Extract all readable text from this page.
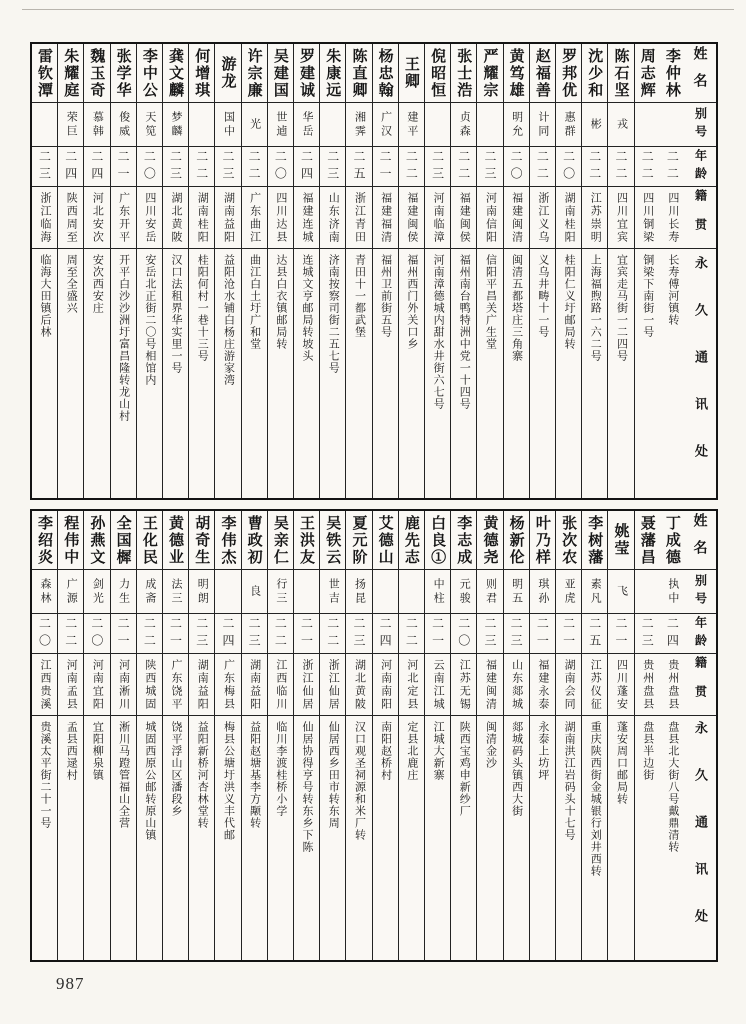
姓名
别号
年龄
籍贯
永久通讯处
李仲林
二二
四川长寿
长寿傅河镇转
周志辉
二二
四川铜梁
铜梁下南街一号
陈石坚
戎
二二
四川宜宾
宜宾走马街一二四号
沈少和
彬
二二
江苏崇明
上海福煦路一六二号
罗邦优
惠群
二〇
湖南桂阳
桂阳仁义圩邮局转
赵福善
计同
二二
浙江义乌
义乌井畴十一号
黄笃雄
明允
二〇
福建闽清
闽清五都塔庄三角寨
严耀宗
二三
河南信阳
信阳平昌关广生堂
张士浩
贞森
二二
福建闽侯
福州南台鸭特洲中党一十四号
倪昭恒
二三
河南临漳
河南漳德城内甜水井街六七号
王卿
建平
二二
福建闽侯
福州西门外关口乡
杨忠翰
广汉
二一
福建福清
福州卫前街五号
陈直卿
湘霁
二五
浙江青田
青田十一都武堡
朱康远
二三
山东济南
济南按察司街二五七号
罗建诚
华岳
二四
福建连城
连城文亨邮局转坡头
吴建国
世逌
二〇
四川达县
达县白衣镇邮局转
许宗廉
光
二二
广东曲江
曲江白土圩广和堂
游龙
国中
二三
湖南益阳
益阳沧水铺白杨庄游家湾
何增琪
二二
湖南桂阳
桂阳何村一巷十三号
龚文麟
梦麟
二三
湖北黄陂
汉口法租界华实里一号
李中公
天笕
二〇
四川安岳
安岳北正街二〇号相馆内
张学华
俊威
二一
广东开平
开平白沙沙洲圩富昌隆转龙山村
魏玉奇
慕韩
二四
河北安次
安次西安庄
朱耀庭
荣巨
二四
陕西周至
周至全盛兴
雷钦潭
二三
浙江临海
临海大田镇后林
姓名
别号
年龄
籍贯
永久通讯处
丁成德
执中
二四
贵州盘县
盘县北大街八号戴鼎清转
聂藩昌
二三
贵州盘县
盘县半边街
姚莹
飞
二一
四川蓬安
蓬安周口邮局转
李树藩
素凡
二五
江苏仪征
重庆陕西街金城银行刘井西转
张次农
亚虎
二一
湖南会同
湖南洪江岩码头十七号
叶乃样
琪孙
二一
福建永泰
永泰上坊坪
杨新伦
明五
二三
山东郯城
郯城码头镇西大街
黄德尧
则君
二三
福建闽清
闽清金沙
李志成
元骏
二〇
江苏无锡
陕西宝鸡申新纱厂
白良①
中柱
二一
云南江城
江城大新寨
鹿先志
二二
河北定县
定县北鹿庄
艾德山
二四
河南南阳
南阳赵桥村
夏元阶
扬昆
二三
湖北黄陂
汉口观圣祠源和米厂转
吴铁云
世吉
二二
浙江仙居
仙居西乡田市转东周
王洪友
二一
浙江仙居
仙居协得亨号转东乡下陈
吴亲仁
行三
二二
江西临川
临川李渡桂桥小学
曹政初
良
二三
湖南益阳
益阳赵塘基李方颙转
李伟杰
二四
广东梅县
梅县公塘圩洪义丰代邮
胡奇生
明朗
二三
湖南益阳
益阳新桥河杏林堂转
黄德业
法三
二一
广东饶平
饶平浮山区潘段乡
王化民
成斋
二二
陕西城固
城固西原公邮转原山镇
全国樨
力生
二一
河南淅川
淅川马蹬管福山全营
孙燕文
剑光
二〇
河南宜阳
宜阳柳泉镇
程伟中
广源
二二
河南孟县
孟县西逯村
李绍炎
森林
二〇
江西贵溪
贵溪太平街二十一号
987
